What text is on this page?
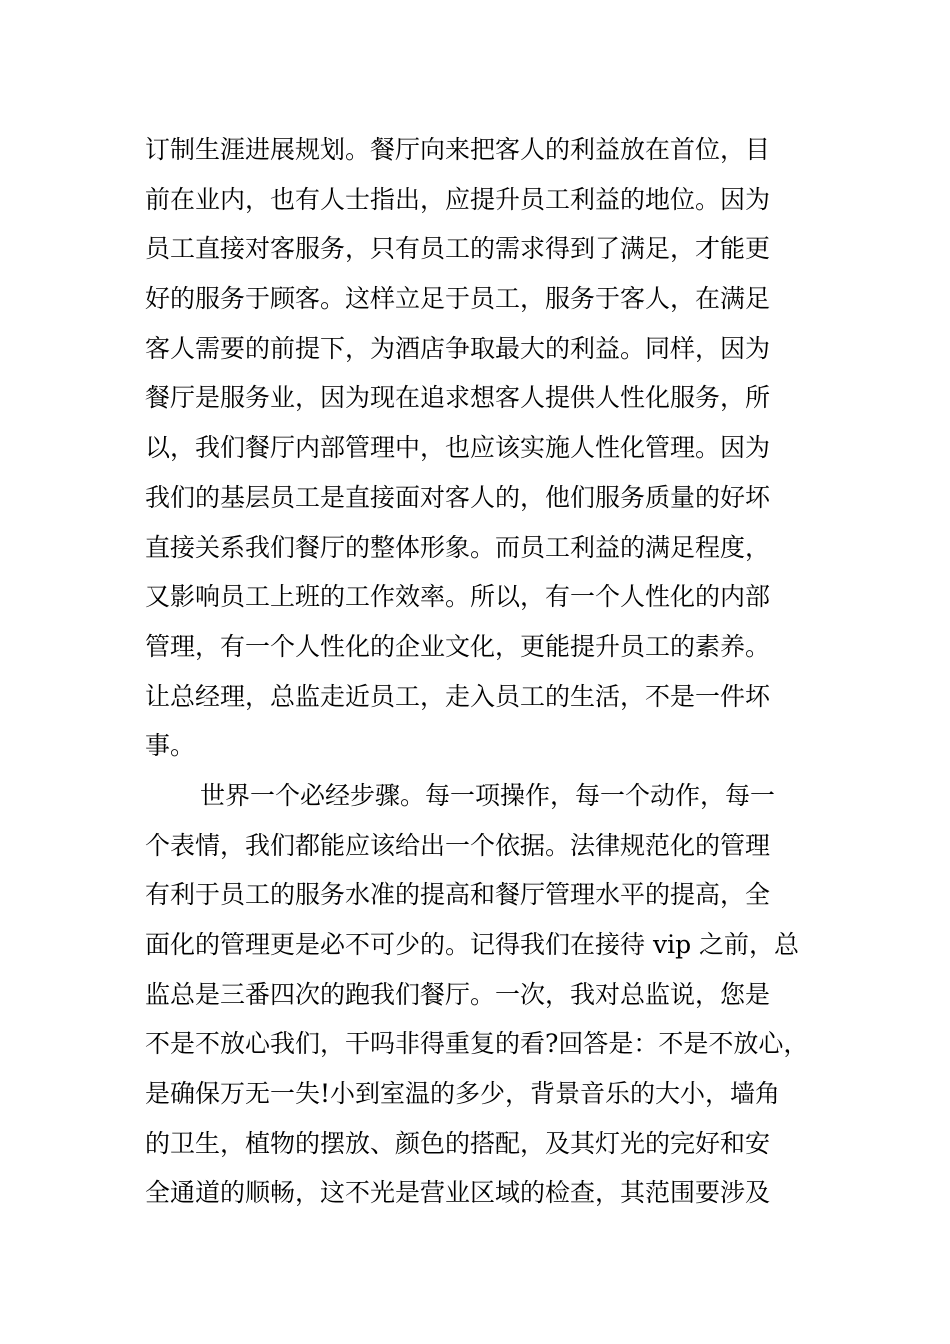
订制生涯进展规划。餐厅向来把客人的利益放在首位，目
前在业内，也有人士指出，应提升员工利益的地位。因为
员工直接对客服务，只有员工的需求得到了满足，才能更
好的服务于顾客。这样立足于员工，服务于客人，在满足
客人需要的前提下，为酒店争取最大的利益。同样，因为
餐厅是服务业，因为现在追求想客人提供人性化服务，所
以，我们餐厅内部管理中，也应该实施人性化管理。因为
我们的基层员工是直接面对客人的，他们服务质量的好坏
直接关系我们餐厅的整体形象。而员工利益的满足程度，
又影响员工上班的工作效率。所以，有一个人性化的内部
管理，有一个人性化的企业文化，更能提升员工的素养。
让总经理，总监走近员工，走入员工的生活，不是一件坏
事。
世界一个必经步骤。每一项操作，每一个动作，每一
个表情，我们都能应该给出一个依据。法律规范化的管理
有利于员工的服务水准的提高和餐厅管理水平的提高，全
面化的管理更是必不可少的。记得我们在接待 vip 之前，总
监总是三番四次的跑我们餐厅。一次，我对总监说，您是
不是不放心我们，干吗非得重复的看?回答是：不是不放心，
是确保万无一失!小到室温的多少，背景音乐的大小，墙角
的卫生，植物的摆放、颜色的搭配，及其灯光的完好和安
全通道的顺畅，这不光是营业区域的检查，其范围要涉及
